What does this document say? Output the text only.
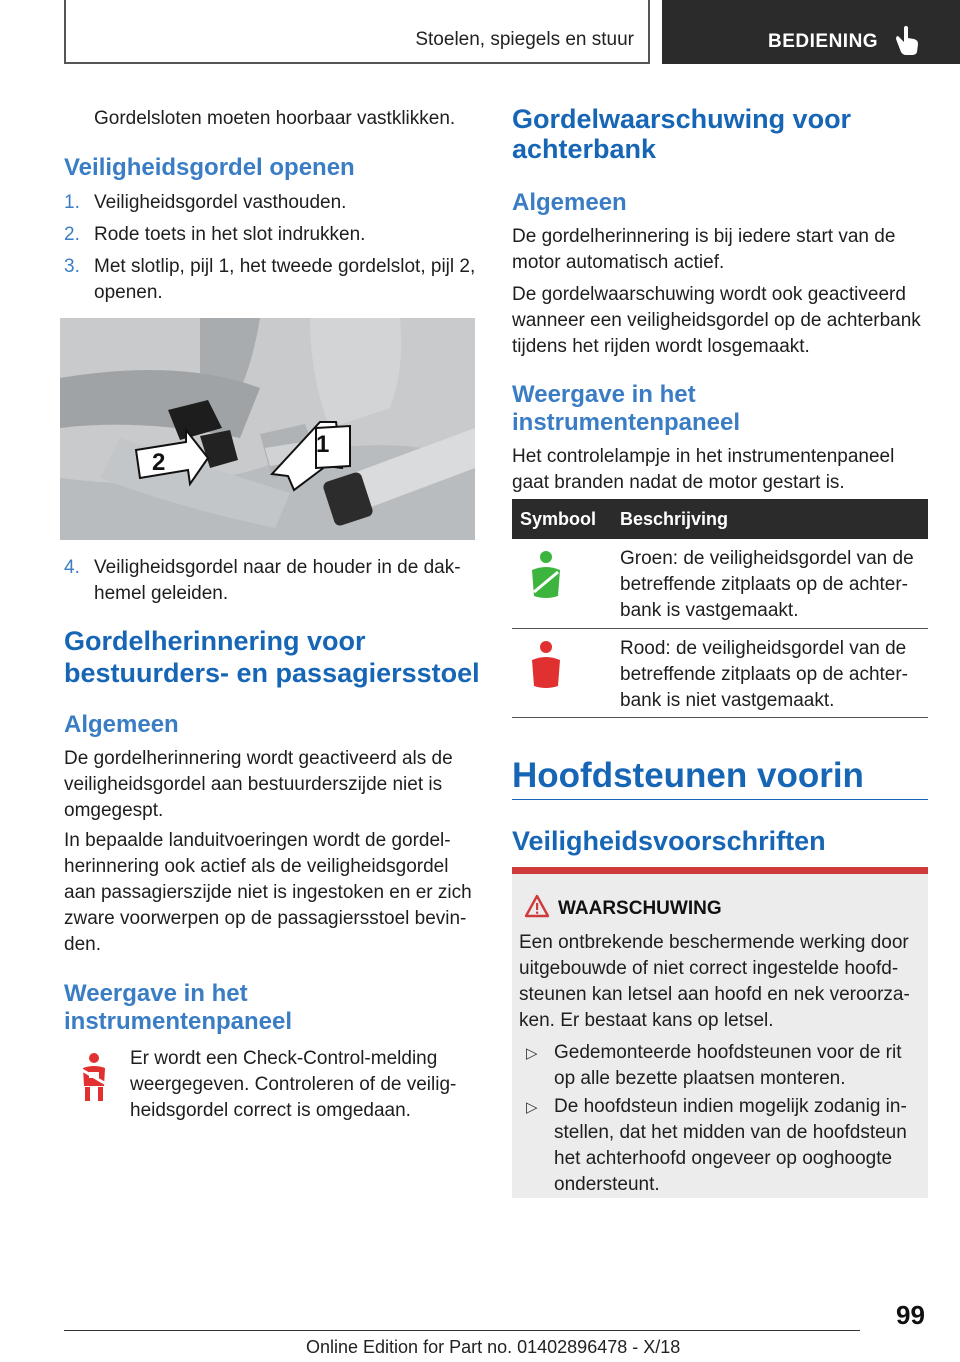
Stoelen, spiegels en stuur	BEDIENING
Gordelsloten moeten hoorbaar vastklikken.
Veiligheidsgordel openen
1. Veiligheidsgordel vasthouden.
2. Rode toets in het slot indrukken.
3. Met slotlip, pijl 1, het tweede gordelslot, pijl 2,
openen.
2
1
4. Veiligheidsgordel naar de houder in de dak-
hemel geleiden.
Gordelherinnering voor
bestuurders- en passagiersstoel
Algemeen
De gordelherinnering wordt geactiveerd als de
veiligheidsgordel aan bestuurderszijde niet is
omgegespt.
In bepaalde landuitvoeringen wordt de gordel-
herinnering ook actief als de veiligheidsgordel
aan passagierszijde niet is ingestoken en er zich
zware voorwerpen op de passagiersstoel bevin-
den.
Weergave in het
instrumentenpaneel
Er wordt een Check-Control-melding
weergegeven. Controleren of de veilig-
heidsgordel correct is omgedaan.
Gordelwaarschuwing voor
achterbank
Algemeen
De gordelherinnering is bij iedere start van de
motor automatisch actief.
De gordelwaarschuwing wordt ook geactiveerd
wanneer een veiligheidsgordel op de achterbank
tijdens het rijden wordt losgemaakt.
Weergave in het
instrumentenpaneel
Het controlelampje in het instrumentenpaneel
gaat branden nadat de motor gestart is.
Symbool Beschrijving
Groen: de veiligheidsgordel van de
betreffende zitplaats op de achter-
bank is vastgemaakt.
Rood: de veiligheidsgordel van de
betreffende zitplaats op de achter-
bank is niet vastgemaakt.
Hoofdsteunen voorin
Veiligheidsvoorschriften
WAARSCHUWING
Een ontbrekende beschermende werking door
uitgebouwde of niet correct ingestelde hoofd-
steunen kan letsel aan hoofd en nek veroorza-
ken. Er bestaat kans op letsel.
▷ Gedemonteerde hoofdsteunen voor de rit
op alle bezette plaatsen monteren.
▷ De hoofdsteun indien mogelijk zodanig in-
stellen, dat het midden van de hoofdsteun
het achterhoofd ongeveer op ooghoogte
ondersteunt.
99
Online Edition for Part no. 01402896478 - X/18
